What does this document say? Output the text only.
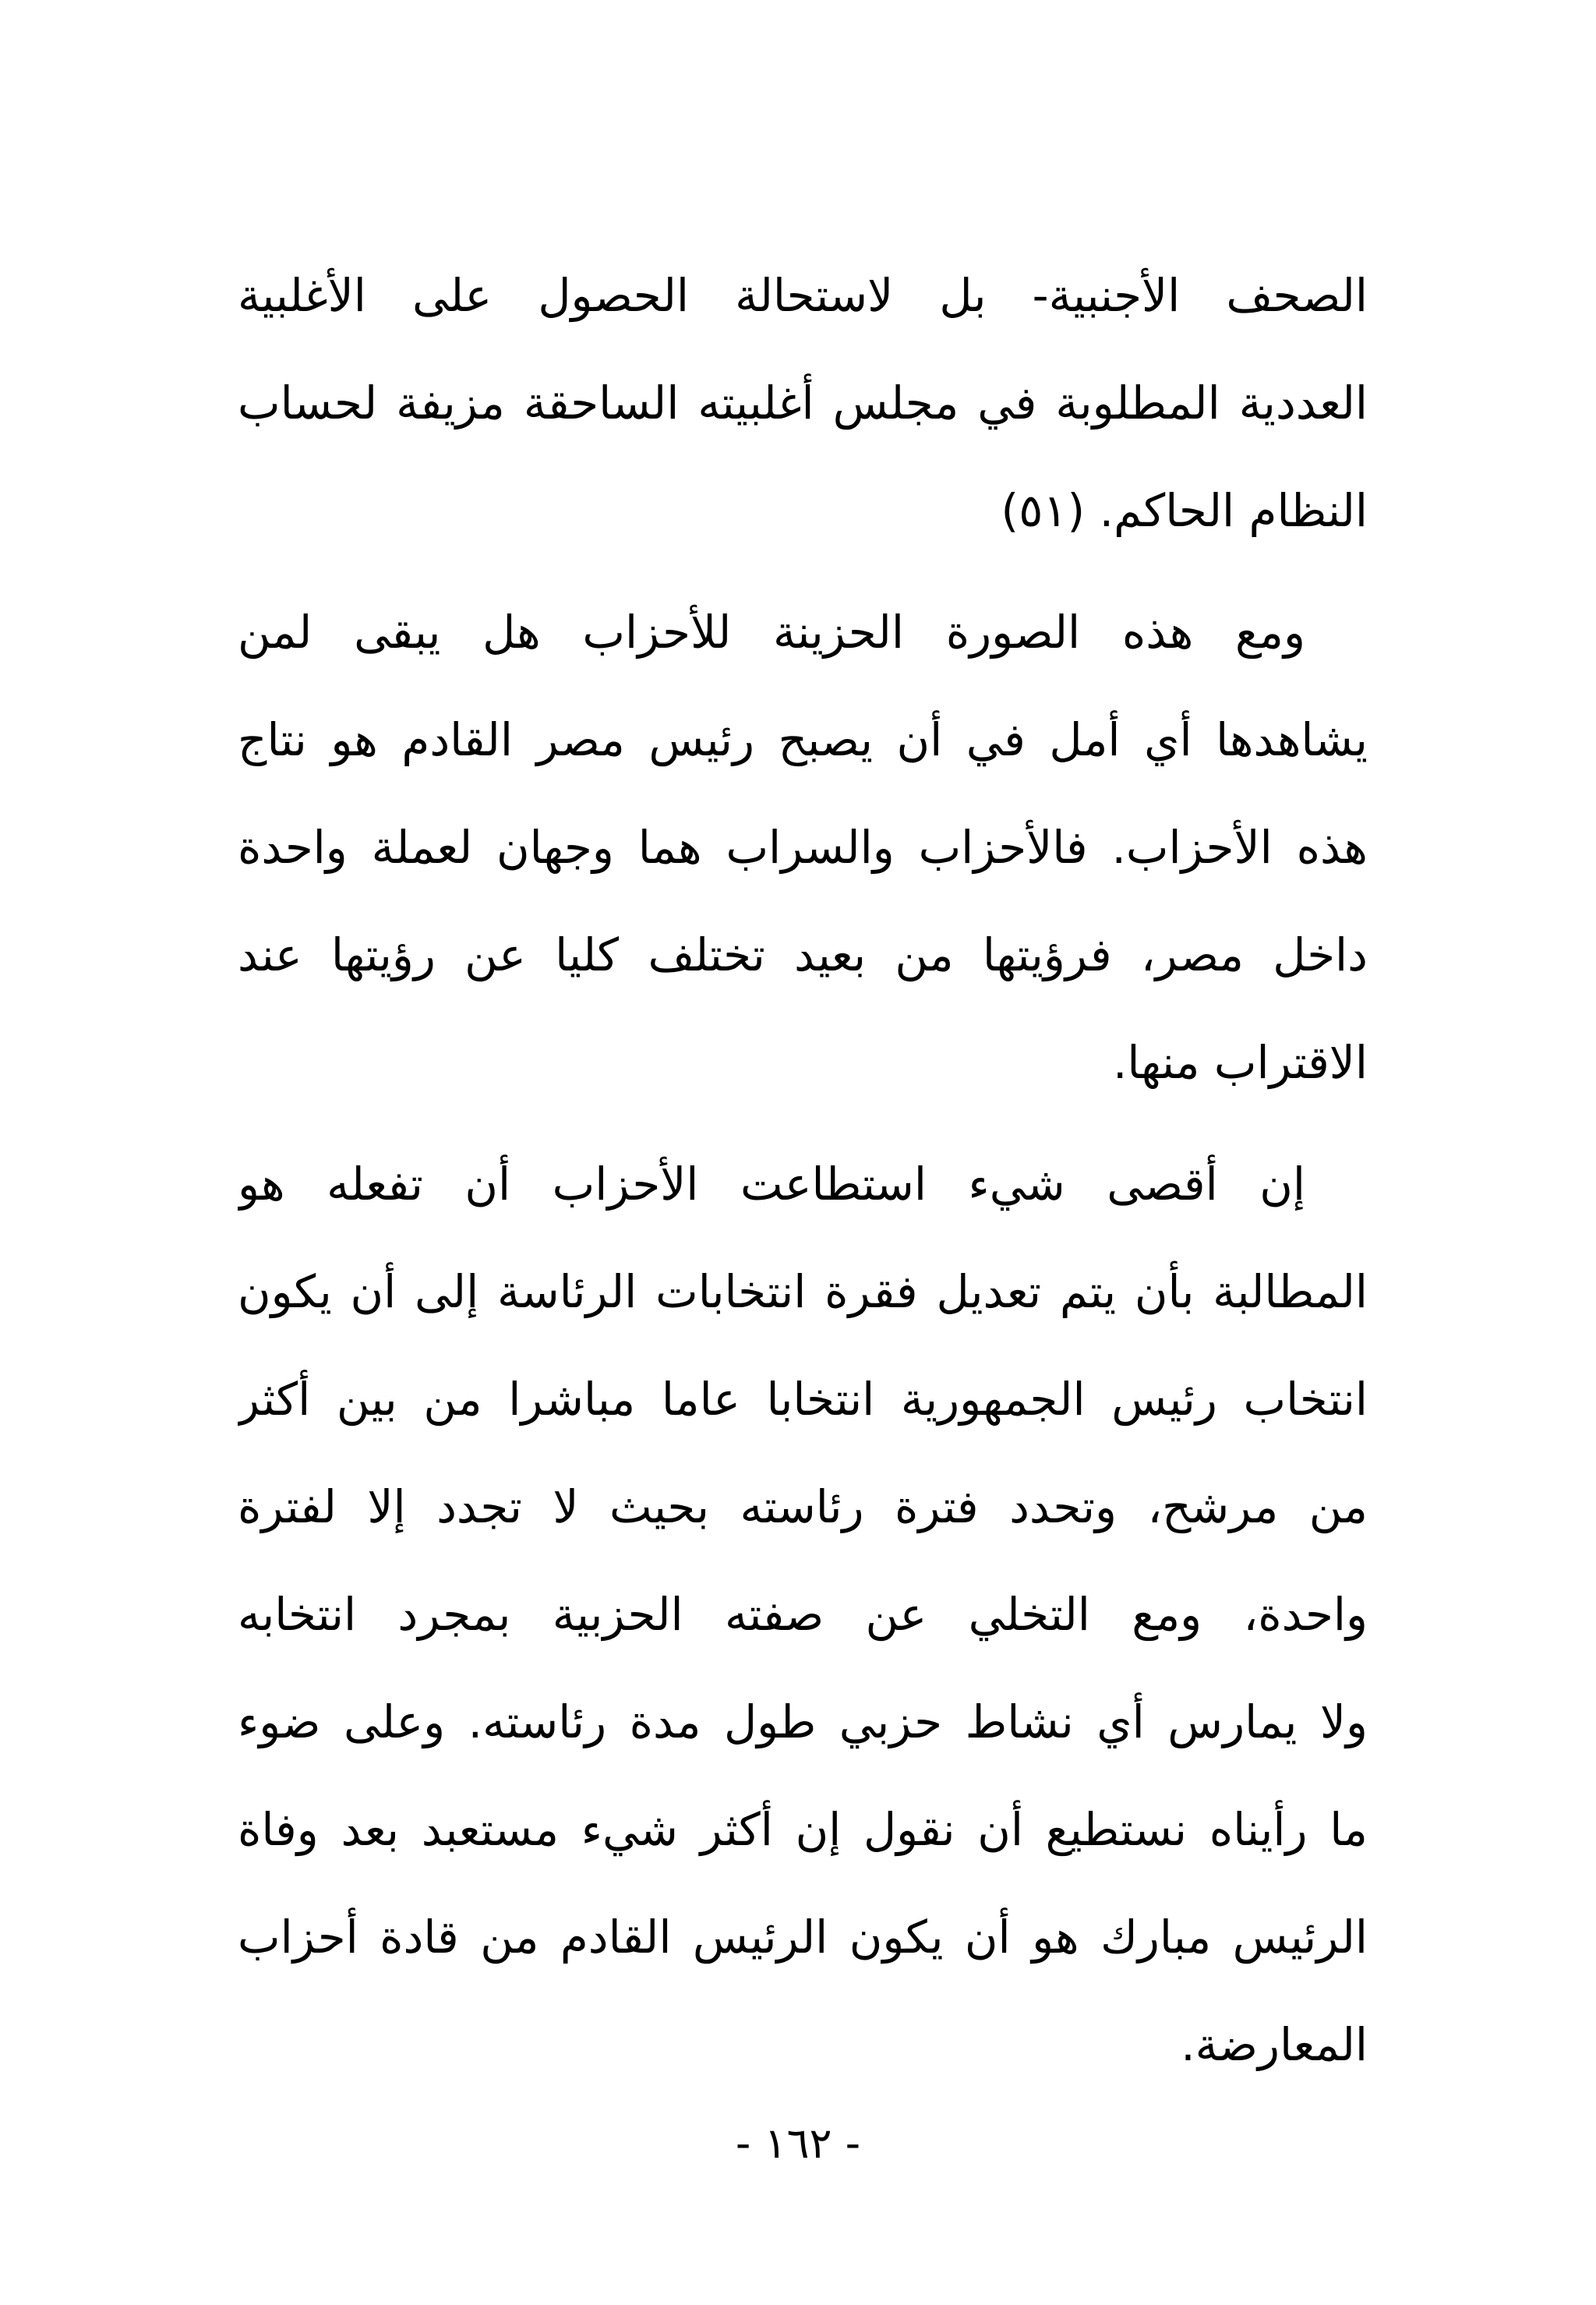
الصحف الأجنبية- بل لاستحالة الحصول على الأغلبية
العددية المطلوبة في مجلس أغلبيته الساحقة مزيفة لحساب
النظام الحاكم. (٥١)
ومع هذه الصورة الحزينة للأحزاب هل يبقى لمن
يشاهدها أي أمل في أن يصبح رئيس مصر القادم هو نتاج
هذه الأحزاب. فالأحزاب والسراب هما وجهان لعملة واحدة
داخل مصر، فرؤيتها من بعيد تختلف كليا عن رؤيتها عند
الاقتراب منها.
إن أقصى شيء استطاعت الأحزاب أن تفعله هو
المطالبة بأن يتم تعديل فقرة انتخابات الرئاسة إلى أن يكون
انتخاب رئيس الجمهورية انتخابا عاما مباشرا من بين أكثر
من مرشح، وتحدد فترة رئاسته بحيث لا تجدد إلا لفترة
واحدة، ومع التخلي عن صفته الحزبية بمجرد انتخابه
ولا يمارس أي نشاط حزبي طول مدة رئاسته. وعلى ضوء
ما رأيناه نستطيع أن نقول إن أكثر شيء مستعبد بعد وفاة
الرئيس مبارك هو أن يكون الرئيس القادم من قادة أحزاب
المعارضة.
- ١٦٢ -
